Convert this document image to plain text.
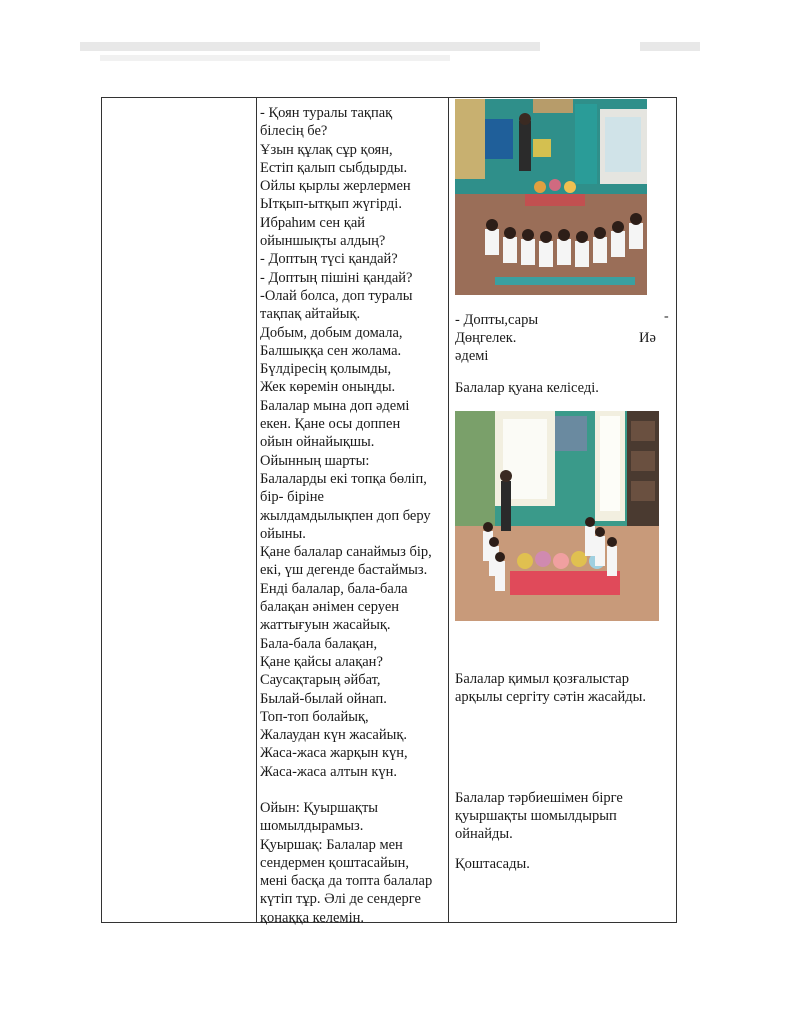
- Қоян туралы тақпақ
білесің бе?
Ұзын құлақ сұр қоян,
Естіп қалып сыбдырды.
Ойлы қырлы жерлермен
Ытқып-ытқып жүгірді.
Ибраhим сен қай
ойыншықты алдың?
- Доптың түсі қандай?
- Доптың пішіні қандай?
-Олай болса, доп туралы
тақпақ айтайық.
Добым, добым домала,
Балшыққа сен жолама.
Бүлдіресің қолымды,
Жек көремін оныңды.
Балалар мына доп әдемі
екен. Қане осы доппен
ойын ойнайықшы.
Ойынның шарты:
Балаларды екі топқа бөліп,
бір- біріне
жылдамдылықпен доп беру
ойыны.
Қане балалар санаймыз бір,
екі, үш дегенде бастаймыз.
Енді балалар, бала-бала
балақан әнімен серуен
жаттығуын жасайық.
Бала-бала балақан,
Қане қайсы алақан?
Саусақтарың әйбат,
Былай-былай ойнап.
Топ-топ болайық,
Жалаудан күн жасайық.
Жаса-жаса жарқын күн,
Жаса-жаса алтын күн.
Ойын: Қуыршақты
шомылдырамыз.
Қуыршақ: Балалар мен
сендермен қоштасайын,
мені басқа да топта балалар
күтіп тұр. Әлі де сендерге
қонаққа келемін.
-
- Допты,сары
Дөңгелек.	Иә
әдемі
Балалар қуана келіседі.
Балалар қимыл қозғалыстар
арқылы сергіту сәтін жасайды.
Балалар тәрбиешімен бірге
қуыршақты шомылдырып
ойнайды.
Қоштасады.
